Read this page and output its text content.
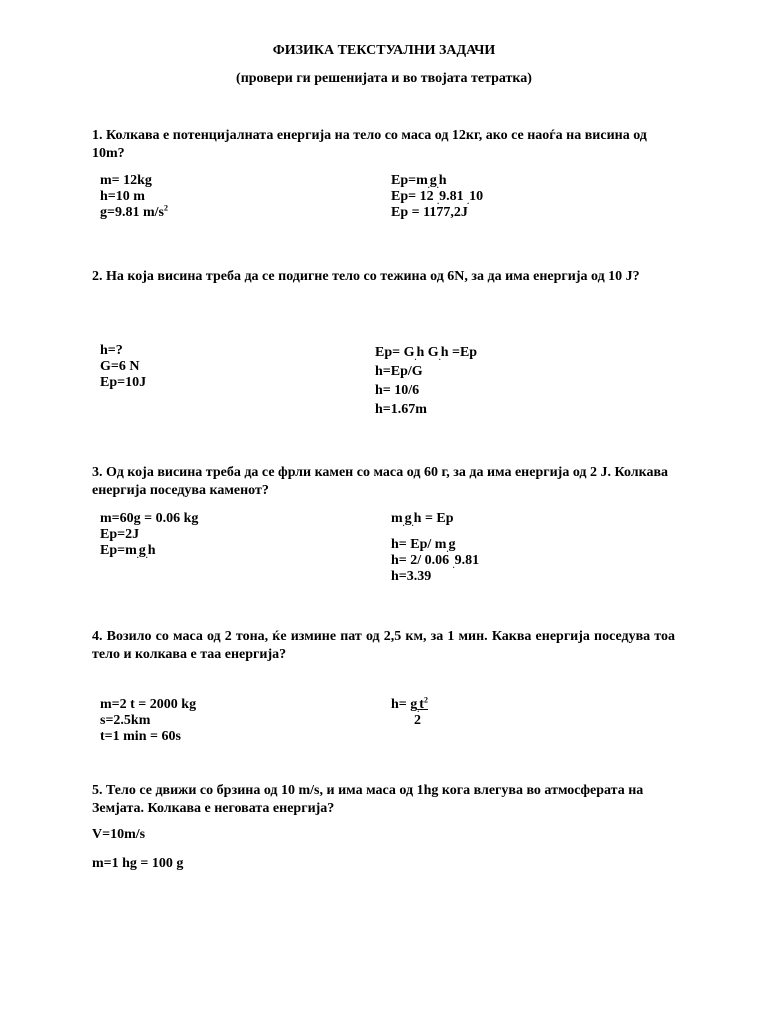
ФИЗИКА ТЕКСТУАЛНИ ЗАДАЧИ
(провери ги решенијата и во твојата тетратка)
1. Колкава е потенцијалната енергија на тело со маса од 12кг, ако се наоѓа на висина од 10m?
m= 12kg
h=10 m
g=9.81 $m/s^2$
$Ep=m_.g_.h$
Ep= 12 $_.$9.81 $_.$10
Ep = 1177,2J
2. На која висина треба да се подигне тело со тежина од 6N, за да има енергија од 10 J?
h=?
G=6 N
Ep=10J
$Ep= G_.h$ $G_.h =Ep$
h=Ep/G
h= 10/6
h=1.67m
3. Од која висина треба да се фрли камен со маса од 60 г, за да има енергија од 2 J. Колкава енергија поседува каменот?
m=60g = 0.06 kg
Ep=2J
$Ep=m_.g_.h$
$m_.g_.h = Ep$
h= Ep/ $m_.g$
h= 2/ 0.06 $_.$9.81
h=3.39
4. Возило со маса од 2 тона, ќе измине пат од 2,5 км, за 1 мин. Каква енергија поседува тоа тело и колкава е таа енергија?
m=2 t = 2000 kg
s=2.5km
t=1 min = 60s
$h= g_.t^2$
2
5. Тело се движи со брзина од 10 m/s, и има маса од 1hg кога влегува во атмосферата на Земјата. Колкава е неговата енергија?
V=10m/s
m=1 hg = 100 g
